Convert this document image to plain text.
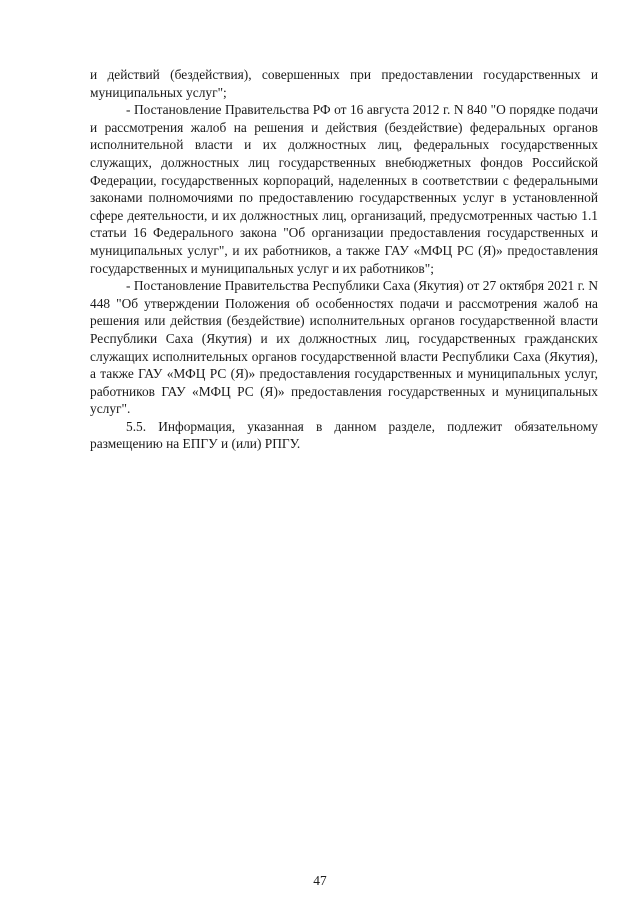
и действий (бездействия), совершенных при предоставлении государственных и муниципальных услуг";

- Постановление Правительства РФ от 16 августа 2012 г. N 840 "О порядке подачи и рассмотрения жалоб на решения и действия (бездействие) федеральных органов исполнительной власти и их должностных лиц, федеральных государственных служащих, должностных лиц государственных внебюджетных фондов Российской Федерации, государственных корпораций, наделенных в соответствии с федеральными законами полномочиями по предоставлению государственных услуг в установленной сфере деятельности, и их должностных лиц, организаций, предусмотренных частью 1.1 статьи 16 Федерального закона "Об организации предоставления государственных и муниципальных услуг", и их работников, а также ГАУ «МФЦ РС (Я)» предоставления государственных и муниципальных услуг и их работников";

- Постановление Правительства Республики Саха (Якутия) от 27 октября 2021 г. N 448 "Об утверждении Положения об особенностях подачи и рассмотрения жалоб на решения или действия (бездействие) исполнительных органов государственной власти Республики Саха (Якутия) и их должностных лиц, государственных гражданских служащих исполнительных органов государственной власти Республики Саха (Якутия), а также ГАУ «МФЦ РС (Я)» предоставления государственных и муниципальных услуг, работников ГАУ «МФЦ РС (Я)» предоставления государственных и муниципальных услуг".

5.5. Информация, указанная в данном разделе, подлежит обязательному размещению на ЕПГУ и (или) РПГУ.

47
